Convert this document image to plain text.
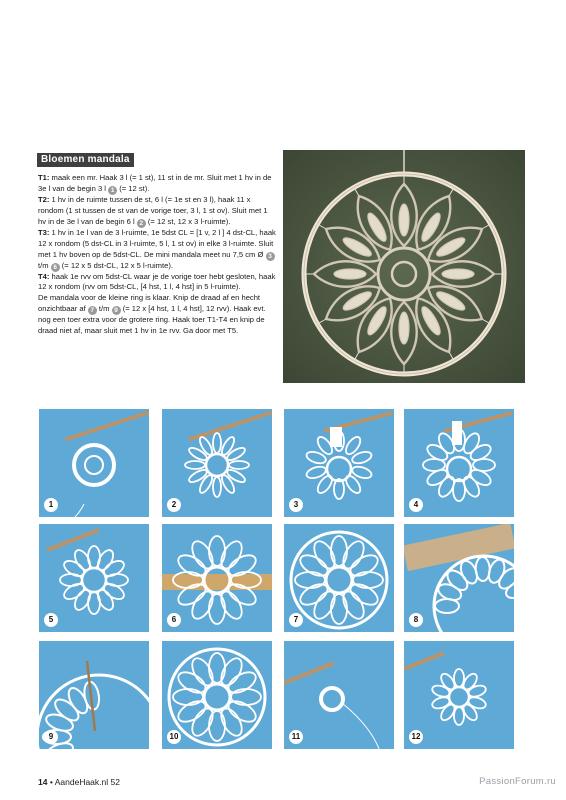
Bloemen mandala

T1: maak een mr. Haak 3 l (= 1 st), 11 st in de mr. Sluit met 1 hv in de 3e l van de begin 3 l 1 (= 12 st).

T2: 1 hv in de ruimte tussen de st, 6 l (= 1e st en 3 l), haak 11 x rondom (1 st tussen de st van de vorige toer, 3 l, 1 st ov). Sluit met 1 hv in de 3e l van de begin 6 l 2 (= 12 st, 12 x 3 l-ruimte).

T3: 1 hv in 1e l van de 3 l-ruimte, 1e 5dst CL = [1 v, 2 l ] 4 dst-CL, haak 12 x rondom (5 dst-CL in 3 l-ruimte, 5 l, 1 st ov) in elke 3 l-ruimte. Sluit met 1 hv boven op de 5dst-CL. De mini mandala meet nu 7,5 cm Ø 3 t/m 6 (= 12 x 5 dst-CL, 12 x 5 l-ruimte).

T4: haak 1e rvv om 5dst-CL waar je de vorige toer hebt gesloten, haak 12 x rondom (rvv om 5dst-CL, [4 hst, 1 l, 4 hst] in 5 l-ruimte).

De mandala voor de kleine ring is klaar. Knip de draad af en hecht onzichtbaar af 7 t/m 9 (= 12 x [4 hst, 1 l, 4 hst], 12 rvv). Haak evt. nog een toer extra voor de grotere ring. Haak toer T1-T4 en knip de draad niet af, maar sluit met 1 hv in 1e rvv. Ga door met T5.

1	2	3	4
5	6	7	8
9	10	11	12
14 • AandeHaak.nl 52	PassionForum.ru
